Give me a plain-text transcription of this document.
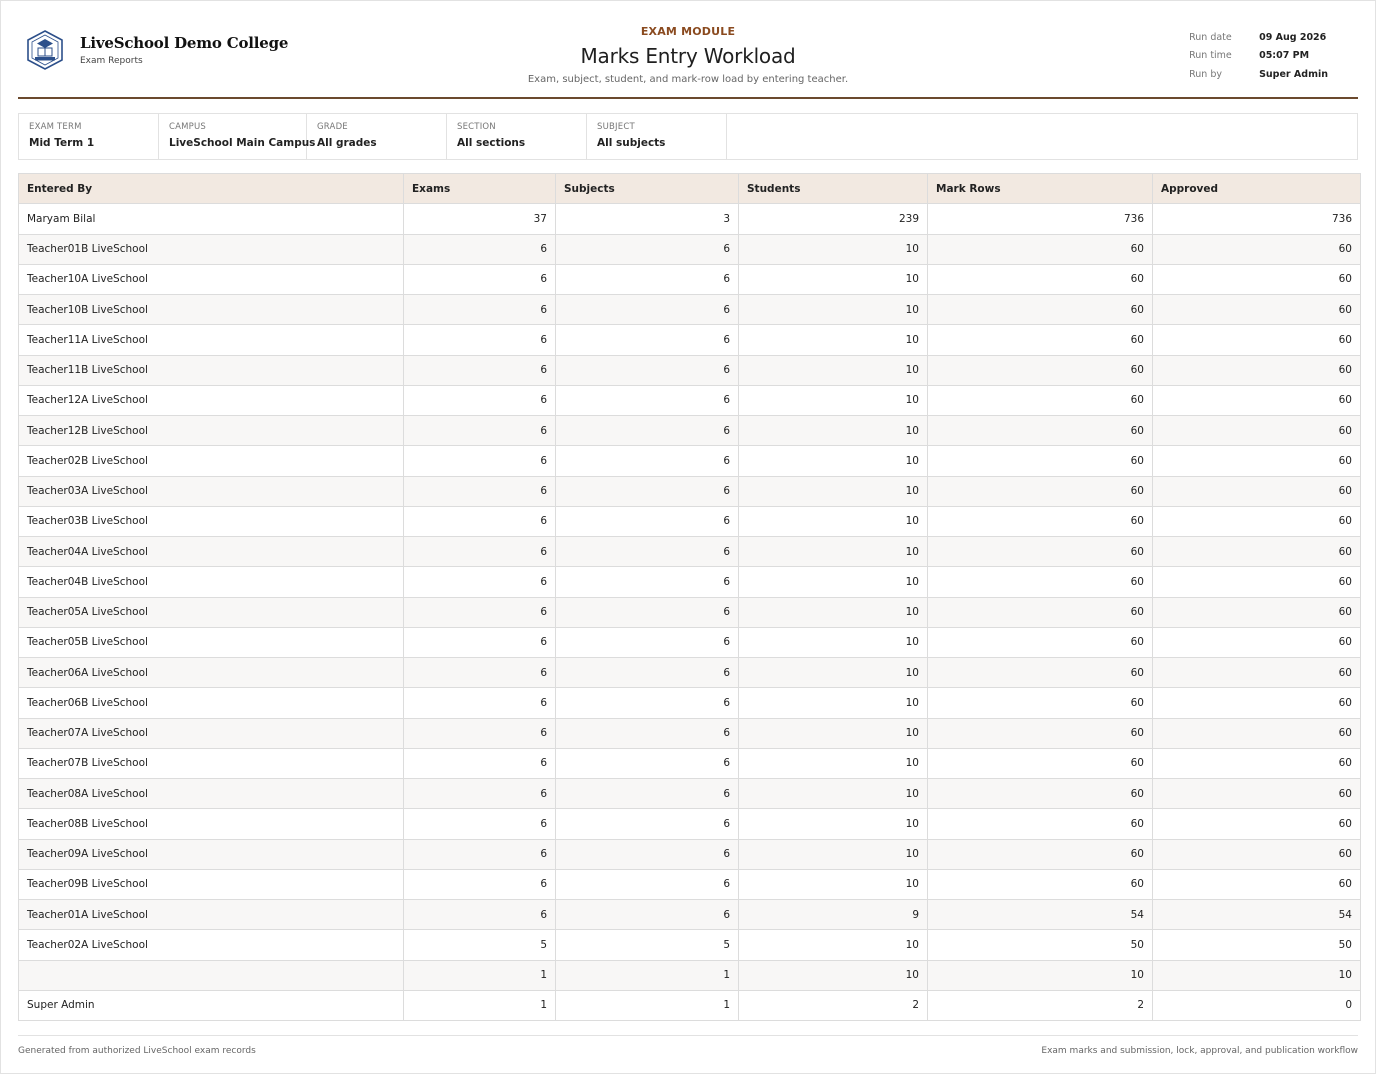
LiveSchool Demo College
Exam Reports
EXAM MODULE
Marks Entry Workload
Exam, subject, student, and mark-row load by entering teacher.
Run date	09 Aug 2026
Run time	05:07 PM
Run by	Super Admin
EXAM TERM
Mid Term 1
CAMPUS
LiveSchool Main Campus
GRADE
All grades
SECTION
All sections
SUBJECT
All subjects
Entered By	Exams	Subjects	Students	Mark Rows	Approved
Maryam Bilal	37	3	239	736	736
Teacher01B LiveSchool	6	6	10	60	60
Teacher10A LiveSchool	6	6	10	60	60
Teacher10B LiveSchool	6	6	10	60	60
Teacher11A LiveSchool	6	6	10	60	60
Teacher11B LiveSchool	6	6	10	60	60
Teacher12A LiveSchool	6	6	10	60	60
Teacher12B LiveSchool	6	6	10	60	60
Teacher02B LiveSchool	6	6	10	60	60
Teacher03A LiveSchool	6	6	10	60	60
Teacher03B LiveSchool	6	6	10	60	60
Teacher04A LiveSchool	6	6	10	60	60
Teacher04B LiveSchool	6	6	10	60	60
Teacher05A LiveSchool	6	6	10	60	60
Teacher05B LiveSchool	6	6	10	60	60
Teacher06A LiveSchool	6	6	10	60	60
Teacher06B LiveSchool	6	6	10	60	60
Teacher07A LiveSchool	6	6	10	60	60
Teacher07B LiveSchool	6	6	10	60	60
Teacher08A LiveSchool	6	6	10	60	60
Teacher08B LiveSchool	6	6	10	60	60
Teacher09A LiveSchool	6	6	10	60	60
Teacher09B LiveSchool	6	6	10	60	60
Teacher01A LiveSchool	6	6	9	54	54
Teacher02A LiveSchool	5	5	10	50	50
	1	1	10	10	10
Super Admin	1	1	2	2	0
Generated from authorized LiveSchool exam records	Exam marks and submission, lock, approval, and publication workflow
